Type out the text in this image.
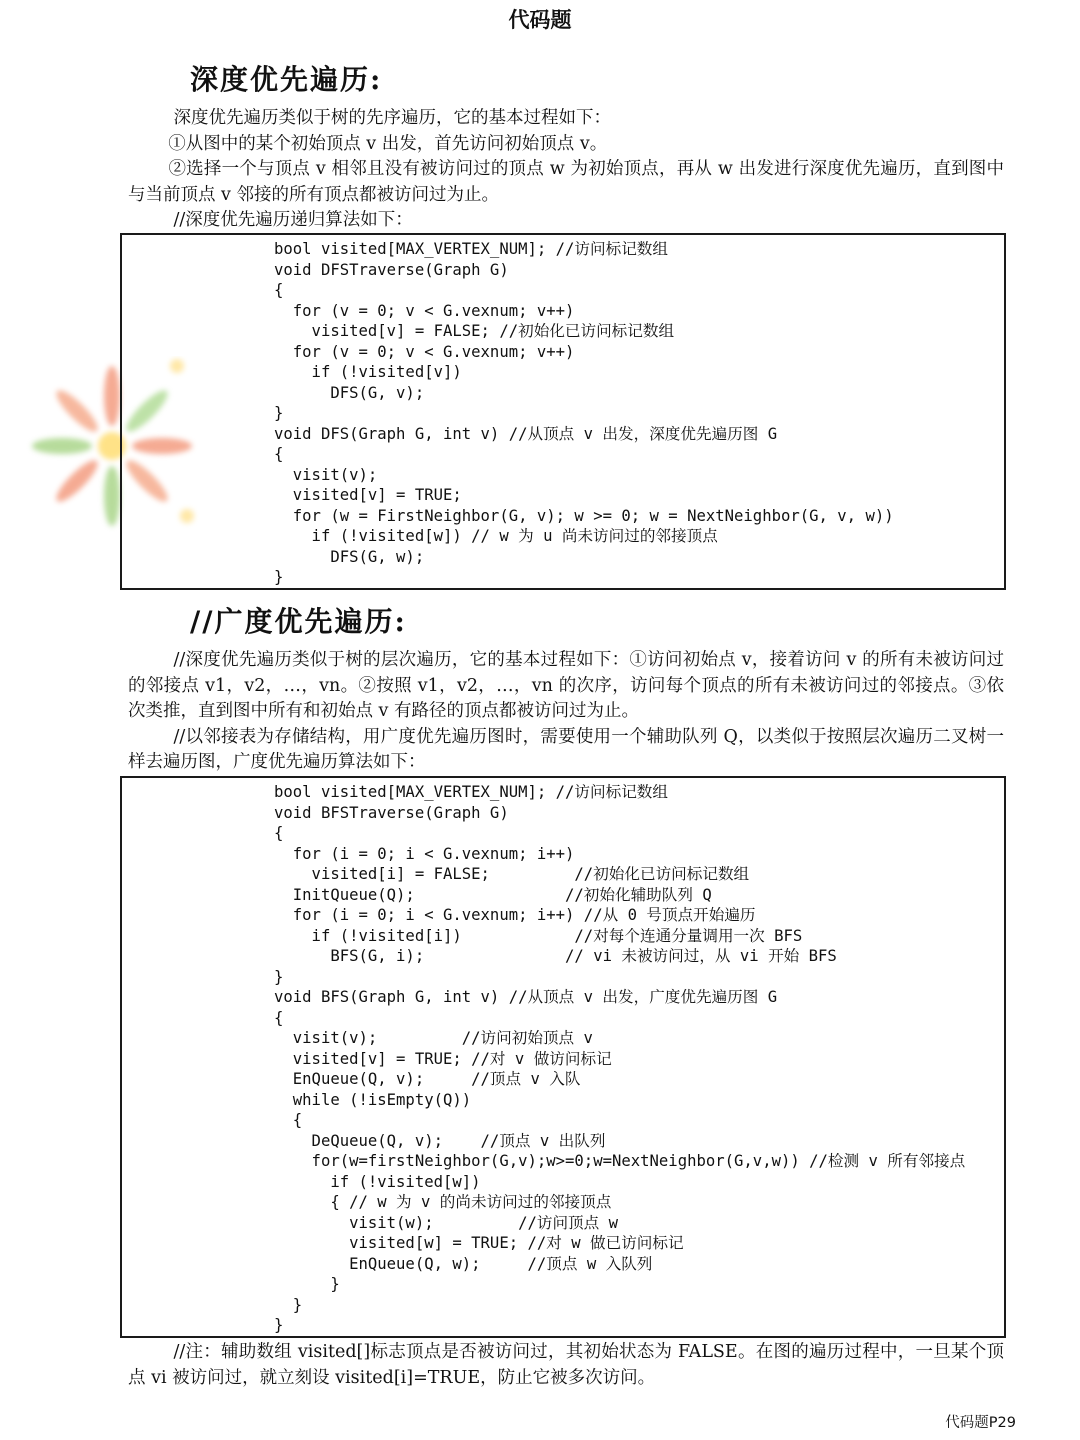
代码题
深度优先遍历:
深度优先遍历类似于树的先序遍历，它的基本过程如下：
①从图中的某个初始顶点 v 出发，首先访问初始顶点 v。
②选择一个与顶点 v 相邻且没有被访问过的顶点 w 为初始顶点，再从 w 出发进行深度优先遍历，直到图中与当前顶点 v 邻接的所有顶点都被访问过为止。
//深度优先遍历递归算法如下：
bool visited[MAX_VERTEX_NUM]; //访问标记数组
void DFSTraverse(Graph G)
{
for (v = 0; v < G.vexnum; v++)
visited[v] = FALSE; //初始化已访问标记数组
for (v = 0; v < G.vexnum; v++)
if (!visited[v])
DFS(G, v);
}
void DFS(Graph G, int v) //从顶点 v 出发，深度优先遍历图 G
{
visit(v);
visited[v] = TRUE;
for (w = FirstNeighbor(G, v); w >= 0; w = NextNeighbor(G, v, w))
if (!visited[w]) // w 为 u 尚未访问过的邻接顶点
DFS(G, w);
}
//广度优先遍历:
//深度优先遍历类似于树的层次遍历，它的基本过程如下：①访问初始点 v，接着访问 v 的所有未被访问过的邻接点 v1，v2，…，vn。②按照 v1，v2，…，vn 的次序，访问每个顶点的所有未被访问过的邻接点。③依次类推，直到图中所有和初始点 v 有路径的顶点都被访问过为止。
//以邻接表为存储结构，用广度优先遍历图时，需要使用一个辅助队列 Q，以类似于按照层次遍历二叉树一样去遍历图，广度优先遍历算法如下：
bool visited[MAX_VERTEX_NUM]; //访问标记数组
void BFSTraverse(Graph G)
{
for (i = 0; i < G.vexnum; i++)
visited[i] = FALSE;         //初始化已访问标记数组
InitQueue(Q);                //初始化辅助队列 Q
for (i = 0; i < G.vexnum; i++) //从 0 号顶点开始遍历
if (!visited[i])            //对每个连通分量调用一次 BFS
BFS(G, i);               // vi 未被访问过，从 vi 开始 BFS
}
void BFS(Graph G, int v) //从顶点 v 出发，广度优先遍历图 G
{
visit(v);         //访问初始顶点 v
visited[v] = TRUE; //对 v 做访问标记
EnQueue(Q, v);     //顶点 v 入队
while (!isEmpty(Q))
{
DeQueue(Q, v);    //顶点 v 出队列
for(w=firstNeighbor(G,v);w>=0;w=NextNeighbor(G,v,w)) //检测 v 所有邻接点
if (!visited[w])
{ // w 为 v 的尚未访问过的邻接顶点
visit(w);         //访问顶点 w
visited[w] = TRUE; //对 w 做已访问标记
EnQueue(Q, w);     //顶点 w 入队列
}
}
}
//注：辅助数组 visited[]标志顶点是否被访问过，其初始状态为 FALSE。在图的遍历过程中，一旦某个顶点 vi 被访问过，就立刻设 visited[i]=TRUE，防止它被多次访问。
代码题P29
